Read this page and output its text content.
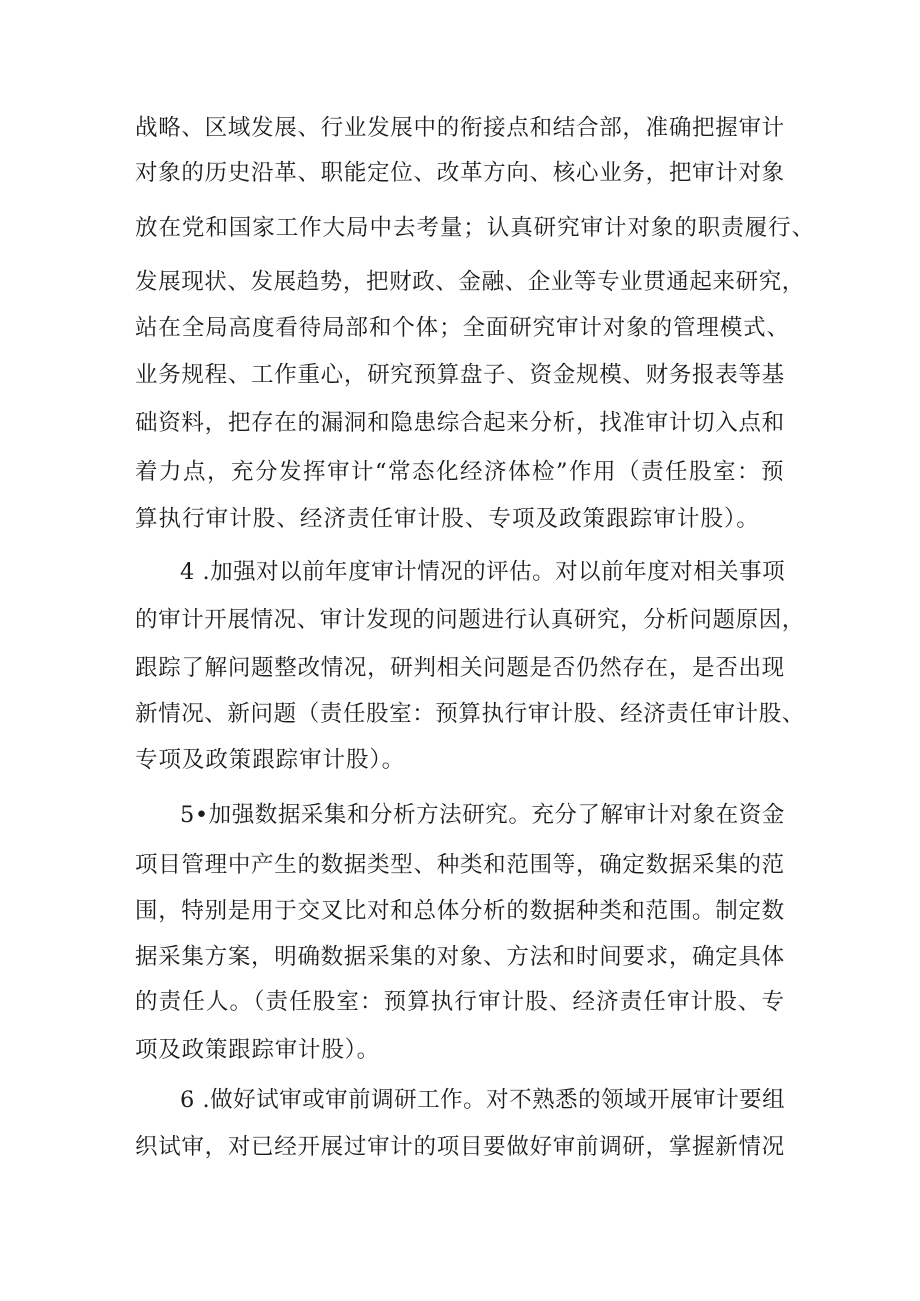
战略、区域发展、行业发展中的衔接点和结合部，准确把握审计

对象的历史沿革、职能定位、改革方向、核心业务，把审计对象

放在党和国家工作大局中去考量；认真研究审计对象的职责履行、

发展现状、发展趋势，把财政、金融、企业等专业贯通起来研究，

站在全局高度看待局部和个体；全面研究审计对象的管理模式、

业务规程、工作重心，研究预算盘子、资金规模、财务报表等基

础资料，把存在的漏洞和隐患综合起来分析，找准审计切入点和

着力点，充分发挥审计“常态化经济体检”作用（责任股室：预

算执行审计股、经济责任审计股、专项及政策跟踪审计股）。

4 .加强对以前年度审计情况的评估。对以前年度对相关事项

的审计开展情况、审计发现的问题进行认真研究，分析问题原因，

跟踪了解问题整改情况，研判相关问题是否仍然存在，是否出现

新情况、新问题（责任股室：预算执行审计股、经济责任审计股、

专项及政策跟踪审计股）。

5•加强数据采集和分析方法研究。充分了解审计对象在资金

项目管理中产生的数据类型、种类和范围等，确定数据采集的范

围，特别是用于交叉比对和总体分析的数据种类和范围。制定数

据采集方案，明确数据采集的对象、方法和时间要求，确定具体

的责任人。（责任股室：预算执行审计股、经济责任审计股、专

项及政策跟踪审计股）。

6 .做好试审或审前调研工作。对不熟悉的领域开展审计要组

织试审，对已经开展过审计的项目要做好审前调研，掌握新情况
